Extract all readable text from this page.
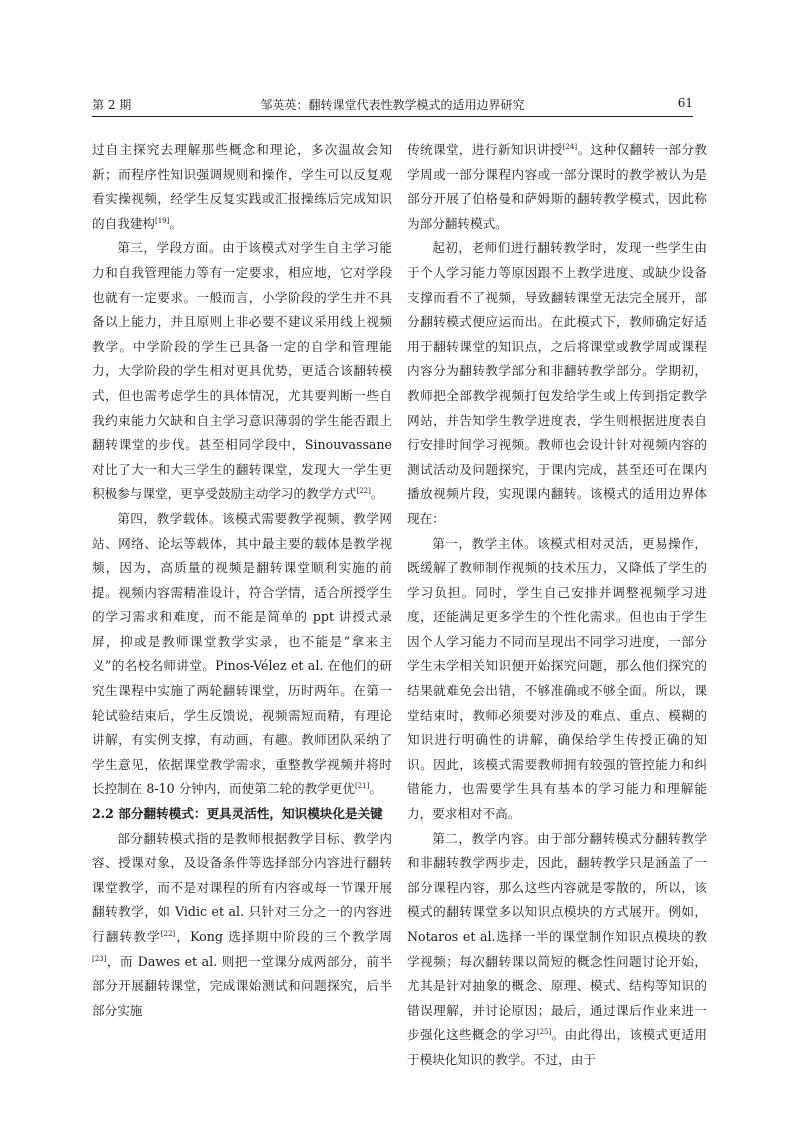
第 2 期	邹英英：翻转课堂代表性教学模式的适用边界研究	61

过自主探究去理解那些概念和理论，多次温故会知新；而程序性知识强调规则和操作，学生可以反复观看实操视频，经学生反复实践或汇报操练后完成知识的自我建构[19]。

第三，学段方面。由于该模式对学生自主学习能力和自我管理能力等有一定要求，相应地，它对学段也就有一定要求。一般而言，小学阶段的学生并不具备以上能力，并且原则上非必要不建议采用线上视频教学。中学阶段的学生已具备一定的自学和管理能力，大学阶段的学生相对更具优势，更适合该翻转模式，但也需考虑学生的具体情况，尤其要判断一些自我约束能力欠缺和自主学习意识薄弱的学生能否跟上翻转课堂的步伐。甚至相同学段中，Sinouvassane 对比了大一和大三学生的翻转课堂，发现大一学生更积极参与课堂，更享受鼓励主动学习的教学方式[22]。

第四，教学载体。该模式需要教学视频、教学网站、网络、论坛等载体，其中最主要的载体是教学视频，因为，高质量的视频是翻转课堂顺利实施的前提。视频内容需精准设计，符合学情，适合所授学生的学习需求和难度，而不能是简单的 ppt 讲授式录屏，抑或是教师课堂教学实录，也不能是“拿来主义”的名校名师讲堂。Pinos-Vélez et al. 在他们的研究生课程中实施了两轮翻转课堂，历时两年。在第一轮试验结束后，学生反馈说，视频需短而精，有理论讲解，有实例支撑，有动画，有趣。教师团队采纳了学生意见，依据课堂教学需求，重整教学视频并将时长控制在 8-10 分钟内，而使第二轮的教学更优[21]。

2.2 部分翻转模式：更具灵活性，知识模块化是关键

部分翻转模式指的是教师根据教学目标、教学内容、授课对象，及设备条件等选择部分内容进行翻转课堂教学，而不是对课程的所有内容或每一节课开展翻转教学，如 Vidic et al. 只针对三分之一的内容进行翻转教学[22]，Kong 选择期中阶段的三个教学周[23]，而 Dawes et al. 则把一堂课分成两部分，前半部分开展翻转课堂，完成课始测试和问题探究，后半部分实施

传统课堂，进行新知识讲授[24]。这种仅翻转一部分教学周或一部分课程内容或一部分课时的教学被认为是部分开展了伯格曼和萨姆斯的翻转教学模式，因此称为部分翻转模式。

起初，老师们进行翻转教学时，发现一些学生由于个人学习能力等原因跟不上教学进度、或缺少设备支撑而看不了视频，导致翻转课堂无法完全展开，部分翻转模式便应运而出。在此模式下，教师确定好适用于翻转课堂的知识点，之后将课堂或教学周或课程内容分为翻转教学部分和非翻转教学部分。学期初，教师把全部教学视频打包发给学生或上传到指定教学网站，并告知学生教学进度表，学生则根据进度表自行安排时间学习视频。教师也会设计针对视频内容的测试活动及问题探究，于课内完成，甚至还可在课内播放视频片段，实现课内翻转。该模式的适用边界体现在：

第一，教学主体。该模式相对灵活，更易操作，既缓解了教师制作视频的技术压力，又降低了学生的学习负担。同时，学生自己安排并调整视频学习进度，还能满足更多学生的个性化需求。但也由于学生因个人学习能力不同而呈现出不同学习进度，一部分学生未学相关知识便开始探究问题，那么他们探究的结果就难免会出错，不够准确或不够全面。所以，课堂结束时，教师必须要对涉及的难点、重点、模糊的知识进行明确性的讲解，确保给学生传授正确的知识。因此，该模式需要教师拥有较强的管控能力和纠错能力，也需要学生具有基本的学习能力和理解能力，要求相对不高。

第二，教学内容。由于部分翻转模式分翻转教学和非翻转教学两步走，因此，翻转教学只是涵盖了一部分课程内容，那么这些内容就是零散的，所以，该模式的翻转课堂多以知识点模块的方式展开。例如，Notaros et al.选择一半的课堂制作知识点模块的教学视频；每次翻转课以简短的概念性问题讨论开始，尤其是针对抽象的概念、原理、模式、结构等知识的错误理解，并讨论原因；最后，通过课后作业来进一步强化这些概念的学习[25]。由此得出，该模式更适用于模块化知识的教学。不过，由于
